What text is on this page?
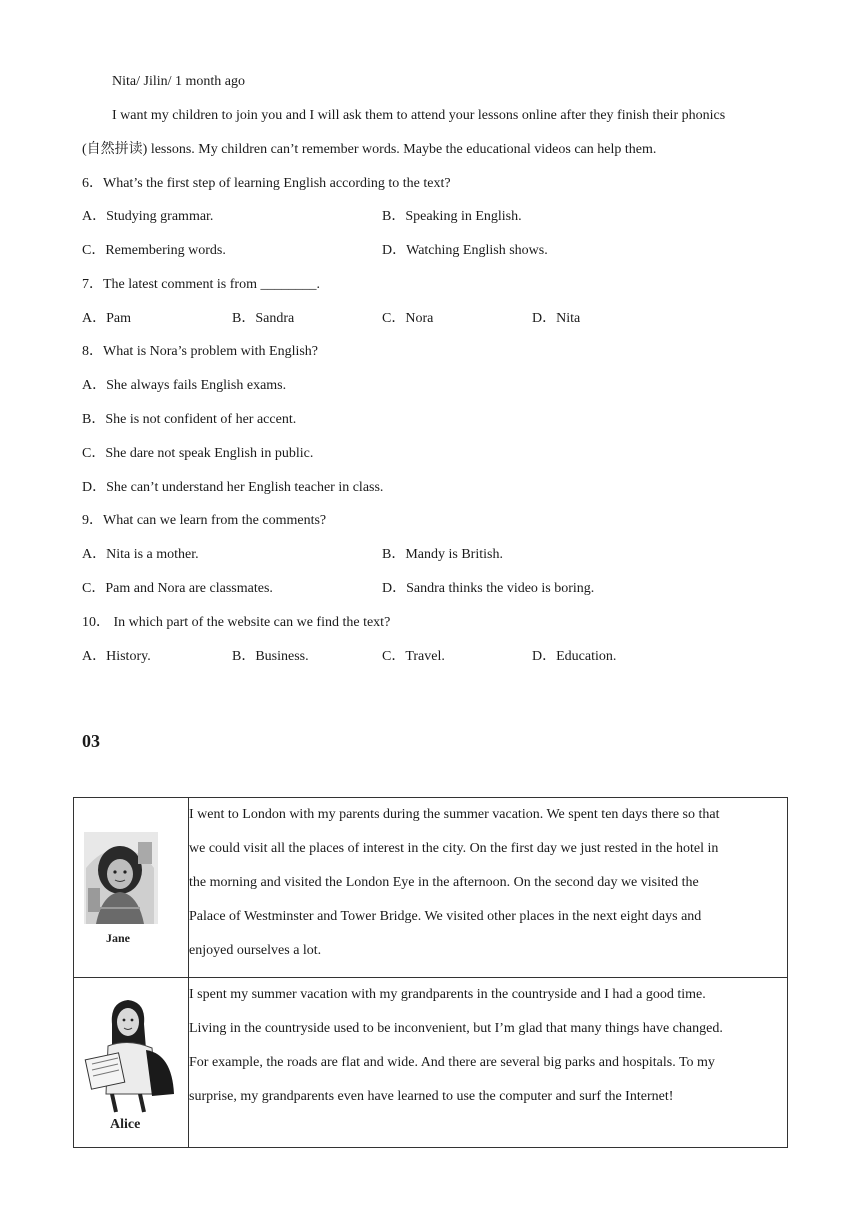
Nita/ Jilin/ 1 month ago
I want my children to join you and I will ask them to attend your lessons online after they finish their phonics
(自然拼读) lessons. My children can’t remember words. Maybe the educational videos can help them.
6．What’s the first step of learning English according to the text?
A．Studying grammar.	B．Speaking in English.
C．Remembering words.	D．Watching English shows.
7．The latest comment is from ________.
A．Pam	B．Sandra	C．Nora	D．Nita
8．What is Nora’s problem with English?
A．She always fails English exams.
B．She is not confident of her accent.
C．She dare not speak English in public.
D．She can’t understand her English teacher in class.
9．What can we learn from the comments?
A．Nita is a mother.	B．Mandy is British.
C．Pam and Nora are classmates.	D．Sandra thinks the video is boring.
10． In which part of the website can we find the text?
A．History.	B．Business.	C．Travel.	D．Education.
03
Jane	I went to London with my parents during the summer vacation. We spent ten days there so that

we could visit all the places of interest in the city. On the first day we just rested in the hotel in

the morning and visited the London Eye in the afternoon. On the second day we visited the

Palace of Westminster and Tower Bridge. We visited other places in the next eight days and

enjoyed ourselves a lot.

Alice	I spent my summer vacation with my grandparents in the countryside and I had a good time.

Living in the countryside used to be inconvenient, but I’m glad that many things have changed.

For example, the roads are flat and wide. And there are several big parks and hospitals. To my

surprise, my grandparents even have learned to use the computer and surf the Internet!
